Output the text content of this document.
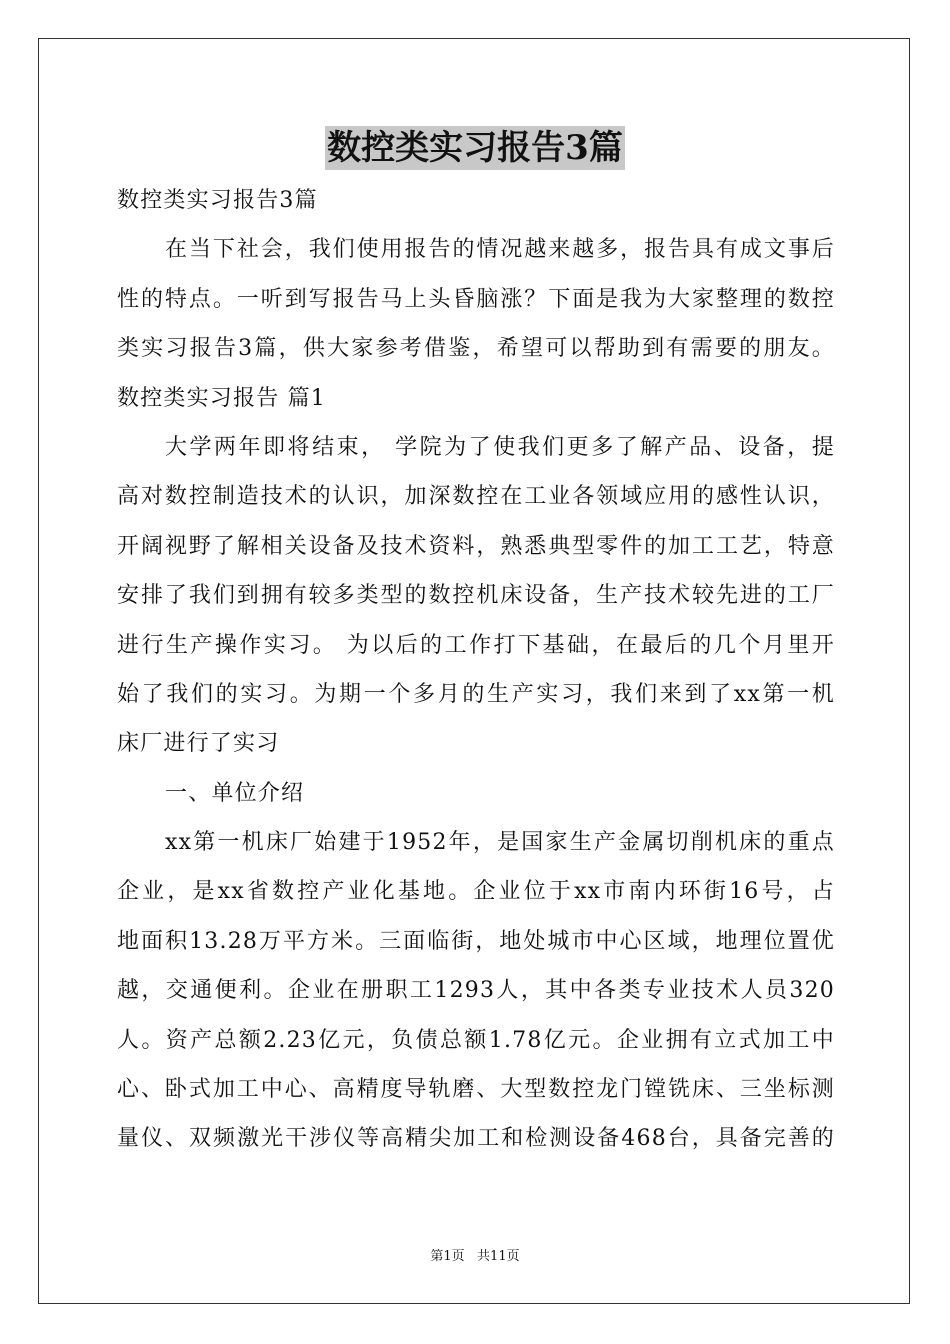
数控类实习报告3篇
数控类实习报告3篇
在当下社会，我们使用报告的情况越来越多，报告具有成文事后
性的特点。一听到写报告马上头昏脑涨？下面是我为大家整理的数控
类实习报告3篇，供大家参考借鉴，希望可以帮助到有需要的朋友。
数控类实习报告 篇1
大学两年即将结束， 学院为了使我们更多了解产品、设备，提
高对数控制造技术的认识，加深数控在工业各领域应用的感性认识，
开阔视野了解相关设备及技术资料，熟悉典型零件的加工工艺，特意
安排了我们到拥有较多类型的数控机床设备，生产技术较先进的工厂
进行生产操作实习。 为以后的工作打下基础，在最后的几个月里开
始了我们的实习。为期一个多月的生产实习，我们来到了xx第一机
床厂进行了实习
一、单位介绍
xx第一机床厂始建于1952年，是国家生产金属切削机床的重点
企业，是xx省数控产业化基地。企业位于xx市南内环街16号，占
地面积13.28万平方米。三面临街，地处城市中心区域，地理位置优
越，交通便利。企业在册职工1293人，其中各类专业技术人员320
人。资产总额2.23亿元，负债总额1.78亿元。企业拥有立式加工中
心、卧式加工中心、高精度导轨磨、大型数控龙门镗铣床、三坐标测
量仪、双频激光干涉仪等高精尖加工和检测设备468台，具备完善的
第1页   共11页
